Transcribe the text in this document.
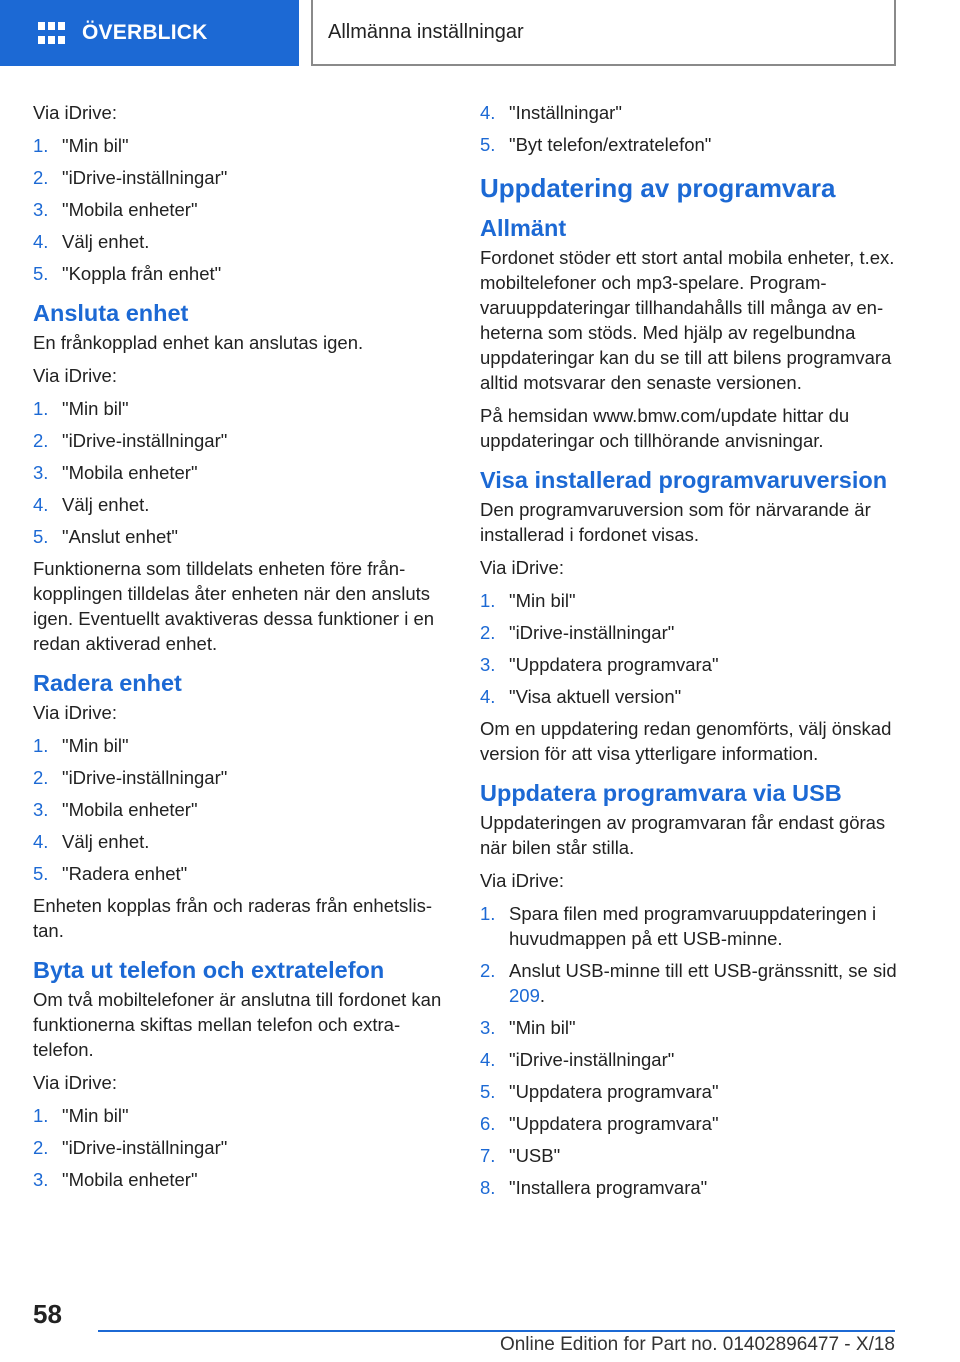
ÖVERBLICK	Allmänna inställningar

Via iDrive:

1. "Min bil"
2. "iDrive-inställningar"
3. "Mobila enheter"
4. Välj enhet.
5. "Koppla från enhet"
Ansluta enhet

En frånkopplad enhet kan anslutas igen.

Via iDrive:

1. "Min bil"
2. "iDrive-inställningar"
3. "Mobila enheter"
4. Välj enhet.
5. "Anslut enhet"

Funktionerna som tilldelats enheten före frånkopplingen tilldelas åter enheten när den ansluts igen. Eventuellt avaktiveras dessa funktioner i en redan aktiverad enhet.

Radera enhet

Via iDrive:

1. "Min bil"
2. "iDrive-inställningar"
3. "Mobila enheter"
4. Välj enhet.
5. "Radera enhet"

Enheten kopplas från och raderas från enhetslistan.

Byta ut telefon och extratelefon

Om två mobiltelefoner är anslutna till fordonet kan funktionerna skiftas mellan telefon och extratelefon.

Via iDrive:

1. "Min bil"
2. "iDrive-inställningar"
3. "Mobila enheter"
4. "Inställningar"
5. "Byt telefon/extratelefon"
Uppdatering av programvara
Allmänt

Fordonet stöder ett stort antal mobila enheter, t.ex. mobiltelefoner och mp3-spelare. Programvaruuppdateringar tillhandahålls till många av enheterna som stöds. Med hjälp av regelbundna uppdateringar kan du se till att bilens programvara alltid motsvarar den senaste versionen.

På hemsidan www.bmw.com/update hittar du uppdateringar och tillhörande anvisningar.

Visa installerad programvaruversion

Den programvaruversion som för närvarande är installerad i fordonet visas.

Via iDrive:

1. "Min bil"
2. "iDrive-inställningar"
3. "Uppdatera programvara"
4. "Visa aktuell version"

Om en uppdatering redan genomförts, välj önskad version för att visa ytterligare information.

Uppdatera programvara via USB

Uppdateringen av programvaran får endast göras när bilen står stilla.

Via iDrive:

1. Spara filen med programvaruuppdateringen i huvudmappen på ett USB-minne.
2. Anslut USB-minne till ett USB-gränssnitt, se sid 209.
3. "Min bil"
4. "iDrive-inställningar"
5. "Uppdatera programvara"
6. "Uppdatera programvara"
7. "USB"
8. "Installera programvara"
58
Online Edition for Part no. 01402896477 - X/18
